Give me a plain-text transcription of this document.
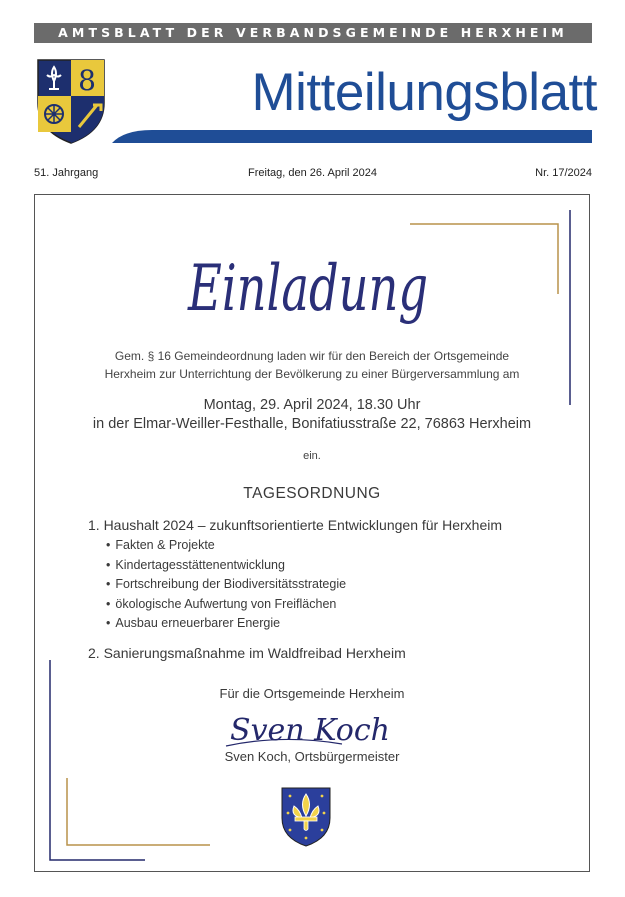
AMTSBLATT DER VERBANDSGEMEINDE HERXHEIM
8	Mitteilungsblatt
51. Jahrgang	Freitag, den 26. April 2024	Nr. 17/2024
Einladung
Gem. § 16 Gemeindeordnung laden wir für den Bereich der Ortsgemeinde
Herxheim zur Unterrichtung der Bevölkerung zu einer Bürgerversammlung am
Montag, 29. April 2024, 18.30 Uhr
in der Elmar-Weiller-Festhalle, Bonifatiusstraße 22, 76863 Herxheim
ein.
TAGESORDNUNG

1. Haushalt 2024 – zukunftsorientierte Entwicklungen für Herxheim

• Fakten & Projekte
• Kindertagesstättenentwicklung
• Fortschreibung der Biodiversitätsstrategie
• ökologische Aufwertung von Freiflächen
• Ausbau erneuerbarer Energie
2. Sanierungsmaßnahme im Waldfreibad Herxheim
Für die Ortsgemeinde Herxheim
Sven Koch
Sven Koch, Ortsbürgermeister
